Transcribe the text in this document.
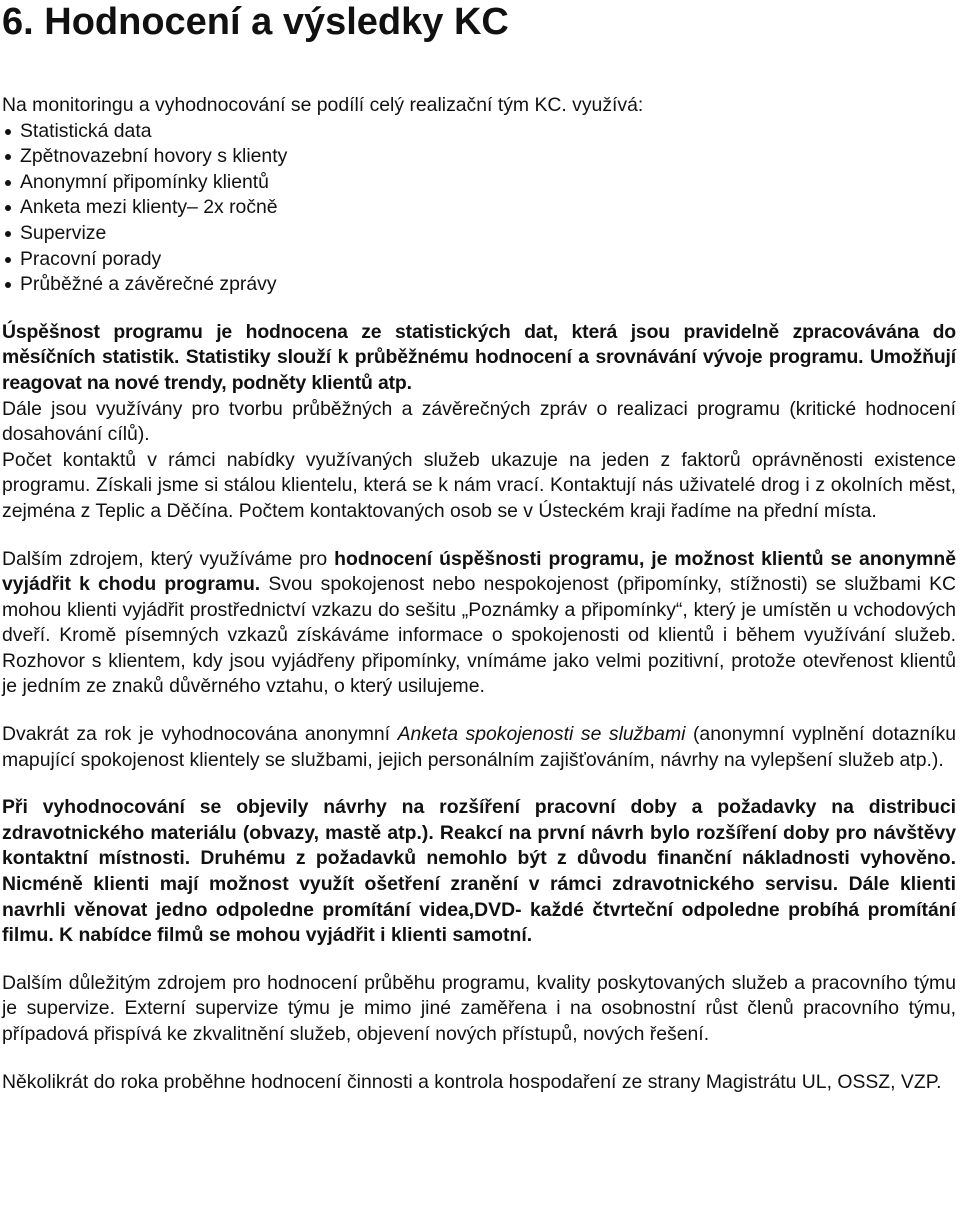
6. Hodnocení a výsledky KC

Na monitoringu a vyhodnocování se podílí celý realizační tým KC. využívá:

Statistická data
Zpětnovazební hovory s klienty
Anonymní připomínky klientů
Anketa mezi klienty– 2x ročně
Supervize
Pracovní porady
Průběžné a závěrečné zprávy

Úspěšnost programu je hodnocena ze statistických dat, která jsou pravidelně zpracovávána do měsíčních statistik. Statistiky slouží k průběžnému hodnocení a srovnávání vývoje programu. Umožňují reagovat na nové trendy, podněty klientů atp.

Dále jsou využívány pro tvorbu průběžných a závěrečných zpráv o realizaci programu (kritické hodnocení dosahování cílů).

Počet kontaktů v rámci nabídky využívaných služeb ukazuje na jeden z faktorů oprávněnosti existence programu. Získali jsme si stálou klientelu, která se k nám vrací. Kontaktují nás uživatelé drog i z okolních měst, zejména z Teplic a Děčína. Počtem kontaktovaných osob se v Ústeckém kraji řadíme na přední místa.

Dalším zdrojem, který využíváme pro hodnocení úspěšnosti programu, je možnost klientů se anonymně vyjádřit k chodu programu. Svou spokojenost nebo nespokojenost (připomínky, stížnosti) se službami KC mohou klienti vyjádřit prostřednictví vzkazu do sešitu „Poznámky a připomínky“, který je umístěn u vchodových dveří. Kromě písemných vzkazů získáváme informace o spokojenosti od klientů i během využívání služeb. Rozhovor s klientem, kdy jsou vyjádřeny připomínky, vnímáme jako velmi pozitivní, protože otevřenost klientů je jedním ze znaků důvěrného vztahu, o který usilujeme.

Dvakrát za rok je vyhodnocována anonymní Anketa spokojenosti se službami (anonymní vyplnění dotazníku mapující spokojenost klientely se službami, jejich personálním zajišťováním, návrhy na vylepšení služeb atp.).

Při vyhodnocování se objevily návrhy na rozšíření pracovní doby a požadavky na distribuci zdravotnického materiálu (obvazy, mastě atp.). Reakcí na první návrh bylo rozšíření doby pro návštěvy kontaktní místnosti. Druhému z požadavků nemohlo být z důvodu finanční nákladnosti vyhověno. Nicméně klienti mají možnost využít ošetření zranění v rámci zdravotnického servisu. Dále klienti navrhli věnovat jedno odpoledne promítání videa,DVD- každé čtvrteční odpoledne probíhá promítání filmu. K nabídce filmů se mohou vyjádřit i klienti samotní.

Dalším důležitým zdrojem pro hodnocení průběhu programu, kvality poskytovaných služeb a pracovního týmu je supervize. Externí supervize týmu je mimo jiné zaměřena i na osobnostní růst členů pracovního týmu, případová přispívá ke zkvalitnění služeb, objevení nových přístupů, nových řešení.

Několikrát do roka proběhne hodnocení činnosti a kontrola hospodaření ze strany Magistrátu UL, OSSZ, VZP.
